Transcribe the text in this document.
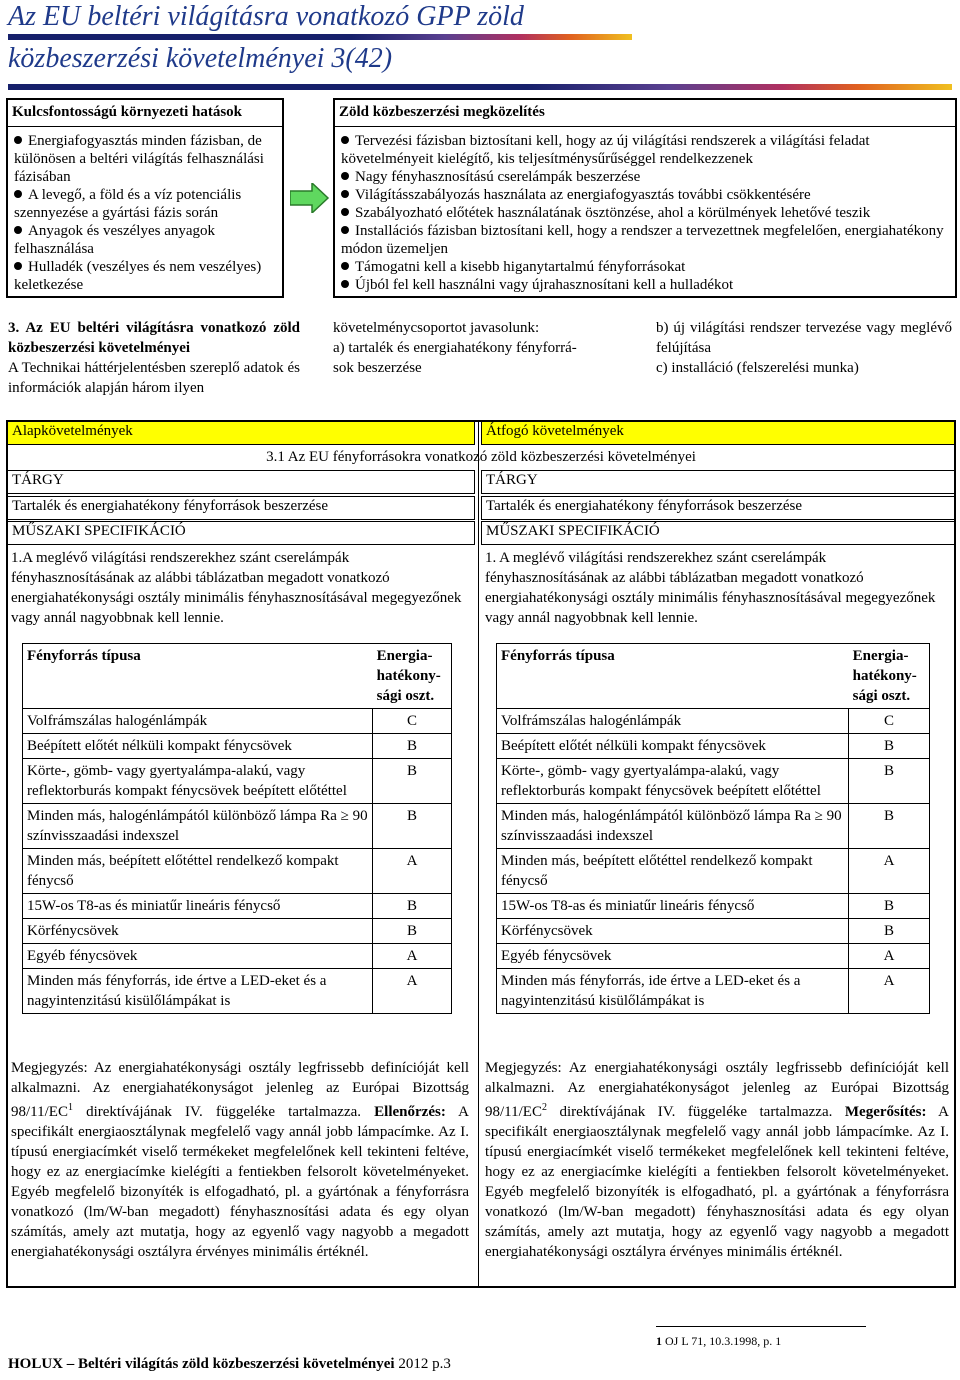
Az EU beltéri világításra vonatkozó GPP zöld
közbeszerzési követelményei 3(42)
Kulcsfontosságú környezeti hatások
Energiafogyasztás minden fázisban, de különösen a beltéri világítás felhasználási fázisában
A levegő, a föld és a víz potenciális szennyezése a gyártási fázis során
Anyagok és veszélyes anyagok felhasználása
Hulladék (veszélyes és nem veszélyes) keletkezése
Zöld közbeszerzési megközelítés
Tervezési fázisban biztosítani kell, hogy az új világítási rendszerek a világítási feladat követelményeit kielégítő, kis teljesítménysűrűséggel rendelkezzenek
Nagy fényhasznosítású cserelámpák beszerzése
Világításszabályozás használata az energiafogyasztás további csökkentésére
Szabályozható előtétek használatának ösztönzése, ahol a körülmények lehetővé teszik
Installációs fázisban biztosítani kell, hogy a rendszer a tervezettnek megfelelően, energiahatékony módon üzemeljen
Támogatni kell a kisebb higanytartalmú fényforrásokat
Újból fel kell használni vagy újrahasznosítani kell a hulladékot
3. Az EU beltéri világításra vonatkozó zöld közbeszerzési követelményei
A Technikai háttérjelentésben szereplő adatok és információk alapján három ilyen
követelménycsoportot javasolunk:
a) tartalék és energiahatékony fényforrá-
sok beszerzése
b) új világítási rendszer tervezése vagy meglévő felújítása
c) installáció (felszerelési munka)
Alapkövetelmények	Átfogó követelmények
3.1 Az EU fényforrásokra vonatkozó zöld közbeszerzési követelményei
TÁRGY	TÁRGY
Tartalék és energiahatékony fényforrások beszerzése	Tartalék és energiahatékony fényforrások beszerzése
MŰSZAKI SPECIFIKÁCIÓ	MŰSZAKI SPECIFIKÁCIÓ
1.A meglévő világítási rendszerekhez szánt cserelámpák fényhasznosításának az alábbi táblázatban megadott vonatkozó energiahatékonysági osztály minimális fényhasznosításával megegyezőnek vagy annál nagyobbnak kell lennie.
1. A meglévő világítási rendszerekhez szánt cserelámpák fényhasznosításának az alábbi táblázatban megadott vonatkozó energiahatékonysági osztály minimális fényhasznosításával megegyezőnek vagy annál nagyobbnak kell lennie.
Fényforrás típusa	Energia-hatékony-sági oszt.
Volfrámszálas halogénlámpák	C
Beépített előtét nélküli kompakt fénycsövek	B
Körte-, gömb- vagy gyertyalámpa-alakú, vagy reflektorburás kompakt fénycsövek beépített előtéttel	B
Minden más, halogénlámpától különböző lámpa Ra ≥ 90 színvisszaadási indexszel	B
Minden más, beépített előtéttel rendelkező kompakt fénycső	A
15W-os T8-as és miniatűr lineáris fénycső	B
Körfénycsövek	B
Egyéb fénycsövek	A
Minden más fényforrás, ide értve a LED-eket és a nagyintenzitású kisülőlámpákat is	A
Fényforrás típusa	Energia-hatékony-sági oszt.
Volfrámszálas halogénlámpák	C
Beépített előtét nélküli kompakt fénycsövek	B
Körte-, gömb- vagy gyertyalámpa-alakú, vagy reflektorburás kompakt fénycsövek beépített előtéttel	B
Minden más, halogénlámpától különböző lámpa Ra ≥ 90 színvisszaadási indexszel	B
Minden más, beépített előtéttel rendelkező kompakt fénycső	A
15W-os T8-as és miniatűr lineáris fénycső	B
Körfénycsövek	B
Egyéb fénycsövek	A
Minden más fényforrás, ide értve a LED-eket és a nagyintenzitású kisülőlámpákat is	A
Megjegyzés: Az energiahatékonysági osztály legfrissebb definícióját kell alkalmazni. Az energiahatékonyságot jelenleg az Európai Bizottság $98/11/EC^1$ direktívájának IV. függeléke tartalmazza. Ellenőrzés: A specifikált energiaosztálynak megfelelő vagy annál jobb lámpacímke. Az I. típusú energiacímkét viselő termékeket megfelelőnek kell tekinteni feltéve, hogy ez az energiacímke kielégíti a fentiekben felsorolt követelményeket. Egyéb megfelelő bizonyíték is elfogadható, pl. a gyártónak a fényforrásra vonatkozó (lm/W-ban megadott) fényhasznosítási adata és egy olyan számítás, amely azt mutatja, hogy az egyenlő vagy nagyobb a megadott energiahatékonysági osztályra érvényes minimális értéknél.
Megjegyzés: Az energiahatékonysági osztály legfrissebb definícióját kell alkalmazni. Az energiahatékonyságot jelenleg az Európai Bizottság $98/11/EC^2$ direktívájának IV. függeléke tartalmazza. Megerősítés: A specifikált energiaosztálynak megfelelő vagy annál jobb lámpacímke. Az I. típusú energiacímkét viselő termékeket megfelelőnek kell tekinteni feltéve, hogy ez az energiacímke kielégíti a fentiekben felsorolt követelményeket. Egyéb megfelelő bizonyíték is elfogadható, pl. a gyártónak a fényforrásra vonatkozó (lm/W-ban megadott) fényhasznosítási adata és egy olyan számítás, amely azt mutatja, hogy az egyenlő vagy nagyobb a megadott energiahatékonysági osztályra érvényes minimális értéknél.
1 OJ L 71, 10.3.1998, p. 1
HOLUX – Beltéri világítás zöld közbeszerzési követelményei 2012 p.3
